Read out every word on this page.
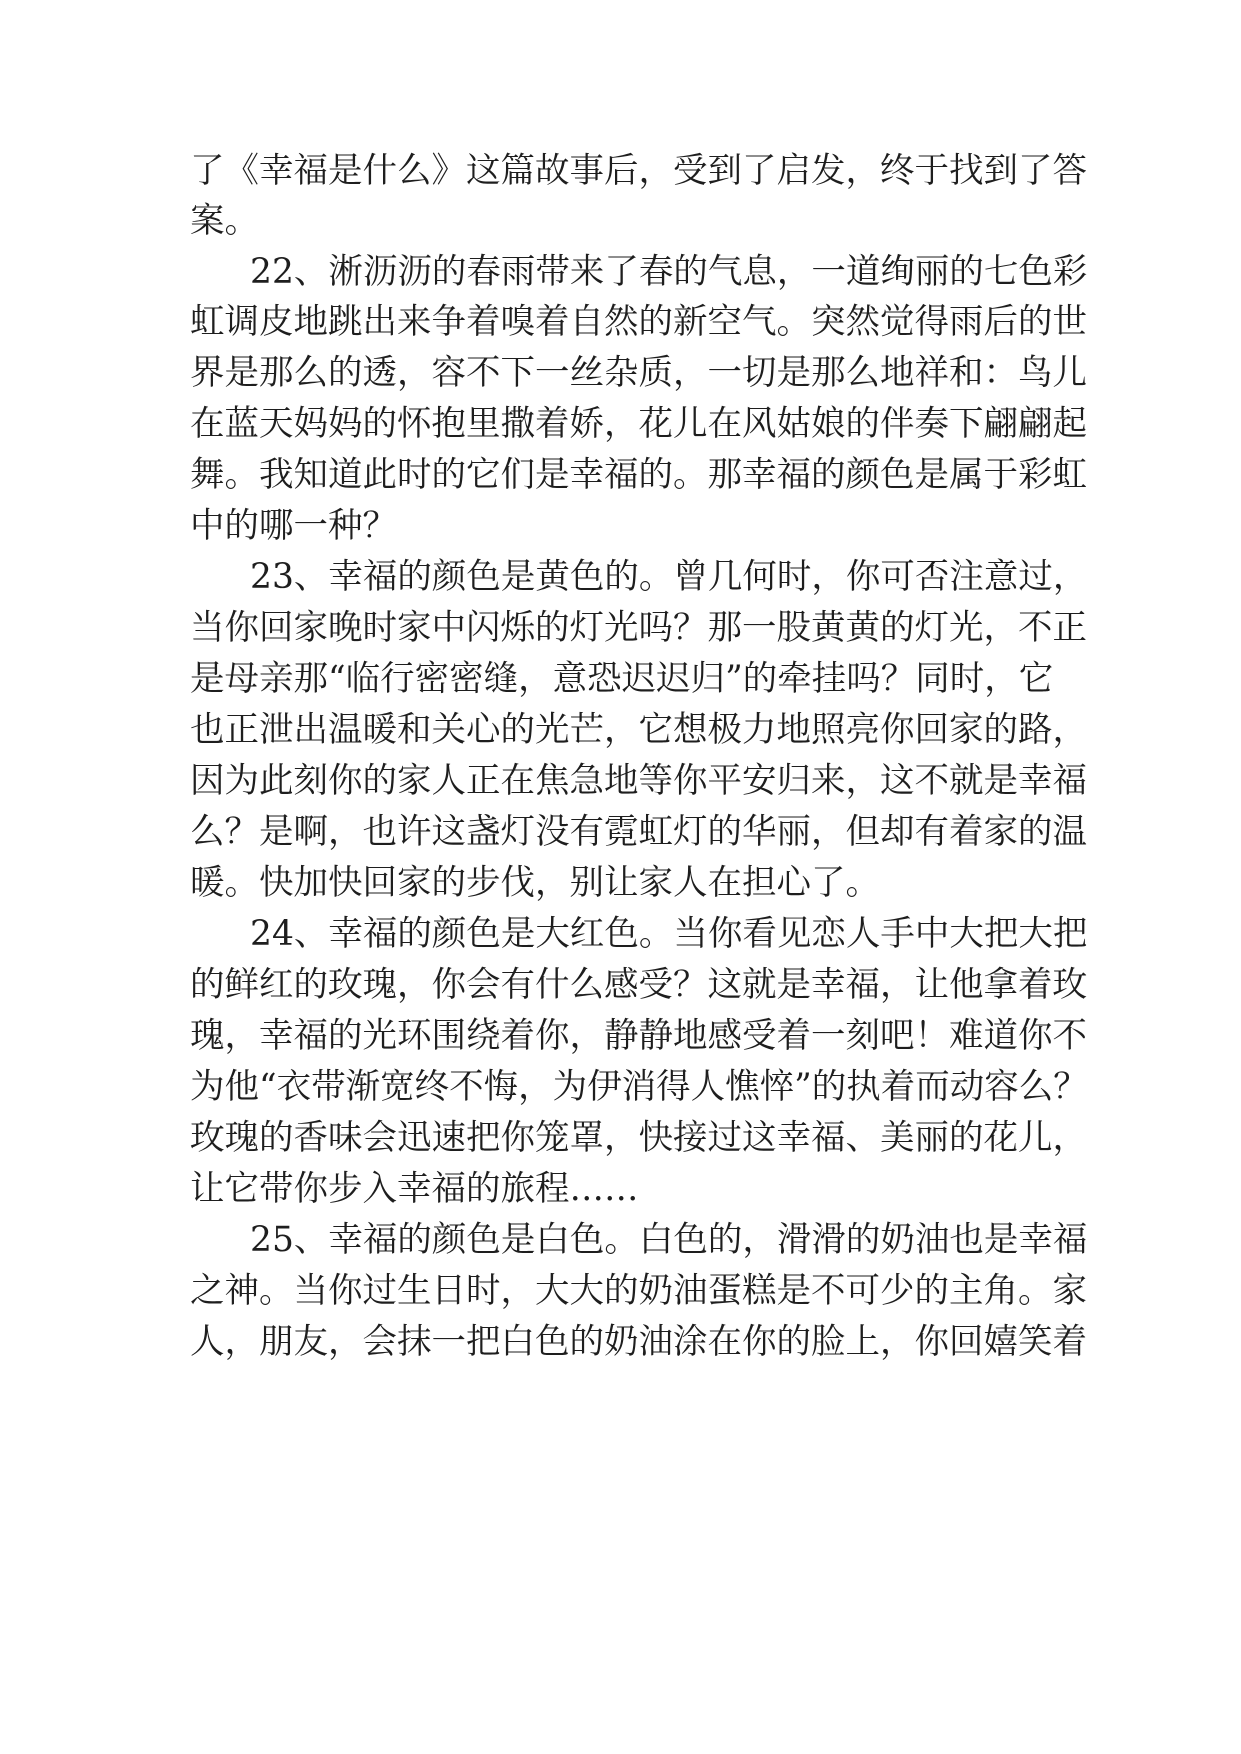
了《幸福是什么》这篇故事后，受到了启发，终于找到了答
案。
22、淅沥沥的春雨带来了春的气息，一道绚丽的七色彩
虹调皮地跳出来争着嗅着自然的新空气。突然觉得雨后的世
界是那么的透，容不下一丝杂质，一切是那么地祥和：鸟儿
在蓝天妈妈的怀抱里撒着娇，花儿在风姑娘的伴奏下翩翩起
舞。我知道此时的它们是幸福的。那幸福的颜色是属于彩虹
中的哪一种？
23、幸福的颜色是黄色的。曾几何时，你可否注意过，
当你回家晚时家中闪烁的灯光吗？那一股黄黄的灯光，不正
是母亲那“临行密密缝，意恐迟迟归”的牵挂吗？同时，它
也正泄出温暖和关心的光芒，它想极力地照亮你回家的路，
因为此刻你的家人正在焦急地等你平安归来，这不就是幸福
么？是啊，也许这盏灯没有霓虹灯的华丽，但却有着家的温
暖。快加快回家的步伐，别让家人在担心了。
24、幸福的颜色是大红色。当你看见恋人手中大把大把
的鲜红的玫瑰，你会有什么感受？这就是幸福，让他拿着玫
瑰，幸福的光环围绕着你，静静地感受着一刻吧！难道你不
为他“衣带渐宽终不悔，为伊消得人憔悴”的执着而动容么？
玫瑰的香味会迅速把你笼罩，快接过这幸福、美丽的花儿，
让它带你步入幸福的旅程……
25、幸福的颜色是白色。白色的，滑滑的奶油也是幸福
之神。当你过生日时，大大的奶油蛋糕是不可少的主角。家
人，朋友，会抹一把白色的奶油涂在你的脸上，你回嬉笑着
